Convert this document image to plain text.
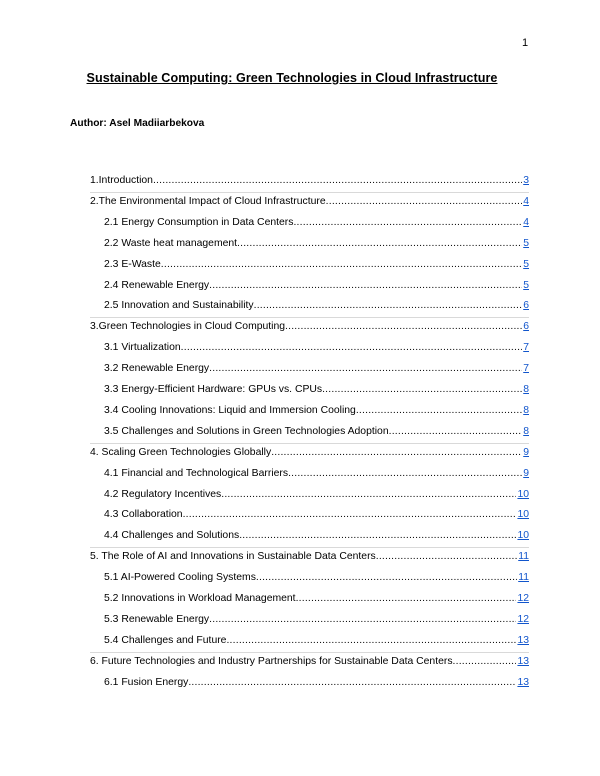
1
Sustainable Computing: Green Technologies in Cloud Infrastructure
Author: Asel Madiiarbekova
1.Introduction .....	3
2.The Environmental Impact of Cloud Infrastructure .....	4
2.1 Energy Consumption in Data Centers .....	4
2.2 Waste heat management .....	5
2.3 E-Waste .....	5
2.4 Renewable Energy .....	5
2.5 Innovation and Sustainability .....	6
3.Green Technologies in Cloud Computing .....	6
3.1 Virtualization .....	7
3.2 Renewable Energy .....	7
3.3 Energy-Efficient Hardware: GPUs vs. CPUs .....	8
3.4 Cooling Innovations: Liquid and Immersion Cooling .....	8
3.5 Challenges and Solutions in Green Technologies Adoption .....	8
4. Scaling Green Technologies Globally .....	9
4.1 Financial and Technological Barriers .....	9
4.2 Regulatory Incentives .....	10
4.3 Collaboration .....	10
4.4 Challenges and Solutions .....	10
5. The Role of AI and Innovations in Sustainable Data Centers .....	11
5.1 AI-Powered Cooling Systems .....	11
5.2 Innovations in Workload Management .....	12
5.3 Renewable Energy .....	12
5.4 Challenges and Future .....	13
6. Future Technologies and Industry Partnerships for Sustainable Data Centers .....	13
6.1 Fusion Energy .....	13
